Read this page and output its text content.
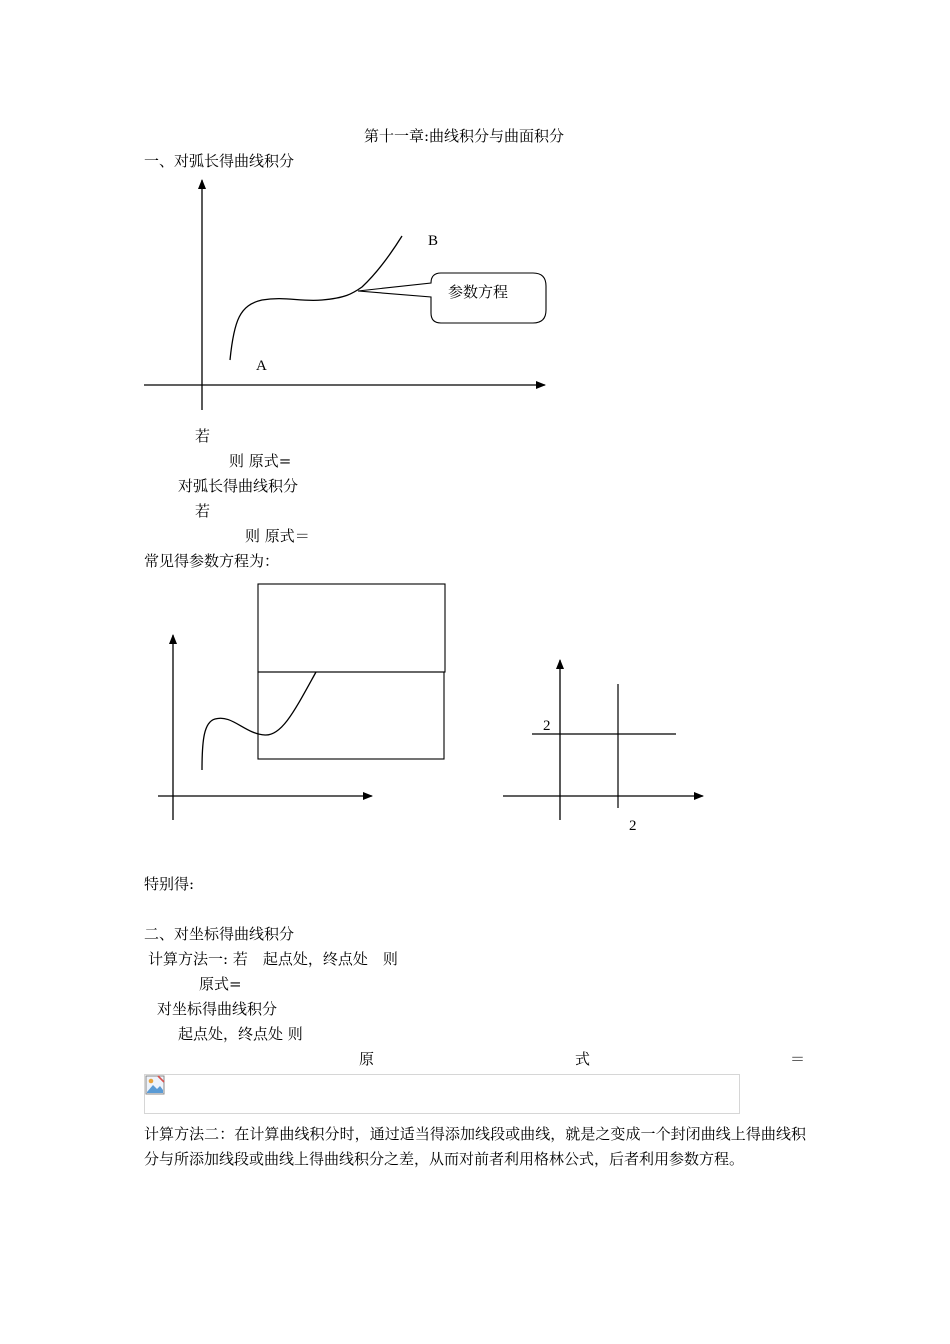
第十一章:曲线积分与曲面积分
一、对弧长得曲线积分
B
A
参数方程
若
则 原式=
对弧长得曲线积分
若
则 原式＝
常见得参数方程为：
2
2
特别得:
二、对坐标得曲线积分
计算方法一: 若　起点处，终点处　则
原式=
对坐标得曲线积分
起点处，终点处 则
原	式	＝
计算方法二：在计算曲线积分时，通过适当得添加线段或曲线，就是之变成一个封闭曲线上得曲线积分与所添加线段或曲线上得曲线积分之差，从而对前者利用格林公式，后者利用参数方程。
